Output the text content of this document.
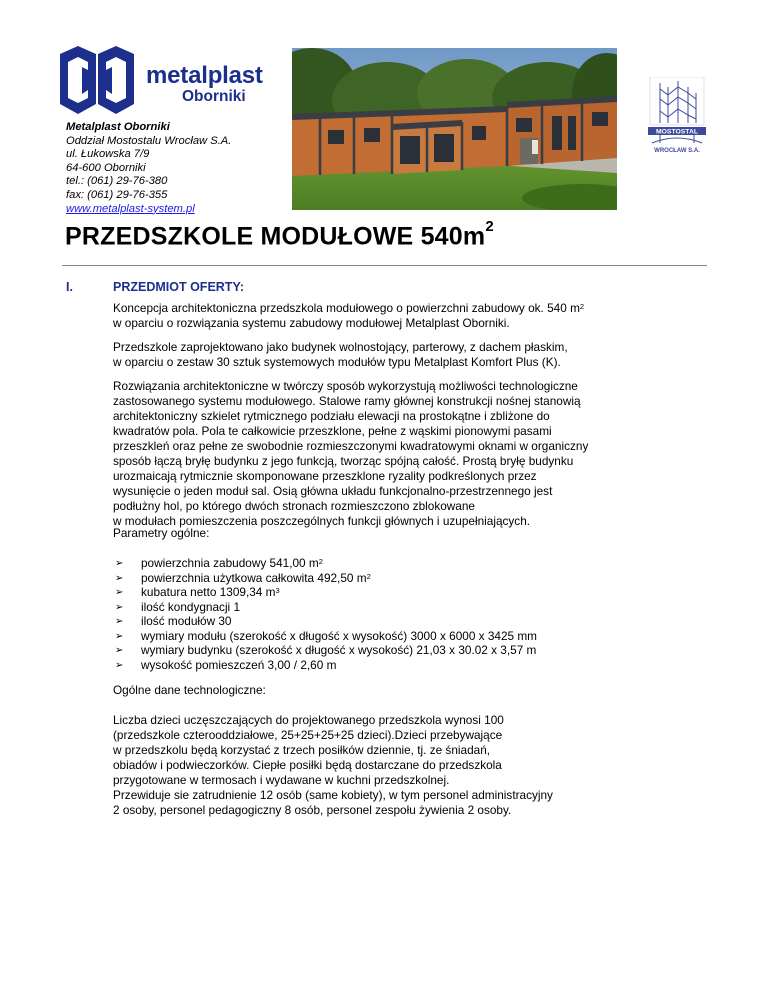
metalplast
Oborniki
Metalplast Oborniki
Oddział Mostostalu Wrocław S.A.
ul. Łukowska 7/9
64-600 Oborniki
tel.: (061) 29-76-380
fax: (061) 29-76-355
www.metalplast-system.pl
MOSTOSTAL
WROCŁAW S.A.
PRZEDSZKOLE MODUŁOWE $540m^2$
I.	PRZEDMIOT OFERTY:

Koncepcja architektoniczna przedszkola modułowego o powierzchni zabudowy ok. 540 $m^2$

w oparciu o rozwiązania systemu zabudowy modułowej Metalplast Oborniki.

Przedszkole zaprojektowano jako budynek wolnostojący, parterowy, z dachem płaskim,

w oparciu o zestaw 30 sztuk systemowych modułów typu Metalplast Komfort Plus (K).

Rozwiązania architektoniczne w twórczy sposób wykorzystują możliwości technologiczne

zastosowanego systemu modułowego. Stalowe ramy głównej konstrukcji nośnej stanowią

architektoniczny szkielet rytmicznego podziału elewacji na prostokątne i zbliżone do

kwadratów pola. Pola te całkowicie przeszklone, pełne z wąskimi pionowymi pasami

przeszkleń oraz pełne ze swobodnie rozmieszczonymi kwadratowymi oknami w organiczny

sposób łączą bryłę budynku z jego funkcją, tworząc spójną całość. Prostą bryłę budynku

urozmaicają rytmicznie skomponowane przeszklone ryzality podkreślonych przez

wysunięcie o jeden moduł sal. Osią główna układu funkcjonalno-przestrzennego jest

podłużny hol, po którego dwóch stronach rozmieszczono zblokowane

w modułach pomieszczenia poszczególnych funkcji głównych i uzupełniających.

Parametry ogólne:

➢ powierzchnia zabudowy 541,00 $m^2$
➢ powierzchnia użytkowa całkowita 492,50 $m^2$
➢ kubatura netto 1309,34 $m^3$
➢ ilość kondygnacji 1
➢ ilość modułów 30
➢ wymiary modułu (szerokość x długość x wysokość) 3000 x 6000 x 3425 mm
➢ wymiary budynku (szerokość x długość x wysokość) 21,03 x 30.02 x 3,57 m
➢ wysokość pomieszczeń 3,00 / 2,60 m

Ogólne dane technologiczne:

Liczba dzieci uczęszczających do projektowanego przedszkola wynosi 100

(przedszkole czterooddziałowe, 25+25+25+25 dzieci).Dzieci przebywające

w przedszkolu będą korzystać z trzech posiłków dziennie, tj. ze śniadań,

obiadów i podwieczorków. Ciepłe posiłki będą dostarczane do przedszkola

przygotowane w termosach i wydawane w kuchni przedszkolnej.

Przewiduje sie zatrudnienie 12 osób (same kobiety), w tym personel administracyjny

2 osoby, personel pedagogiczny 8 osób, personel zespołu żywienia 2 osoby.
